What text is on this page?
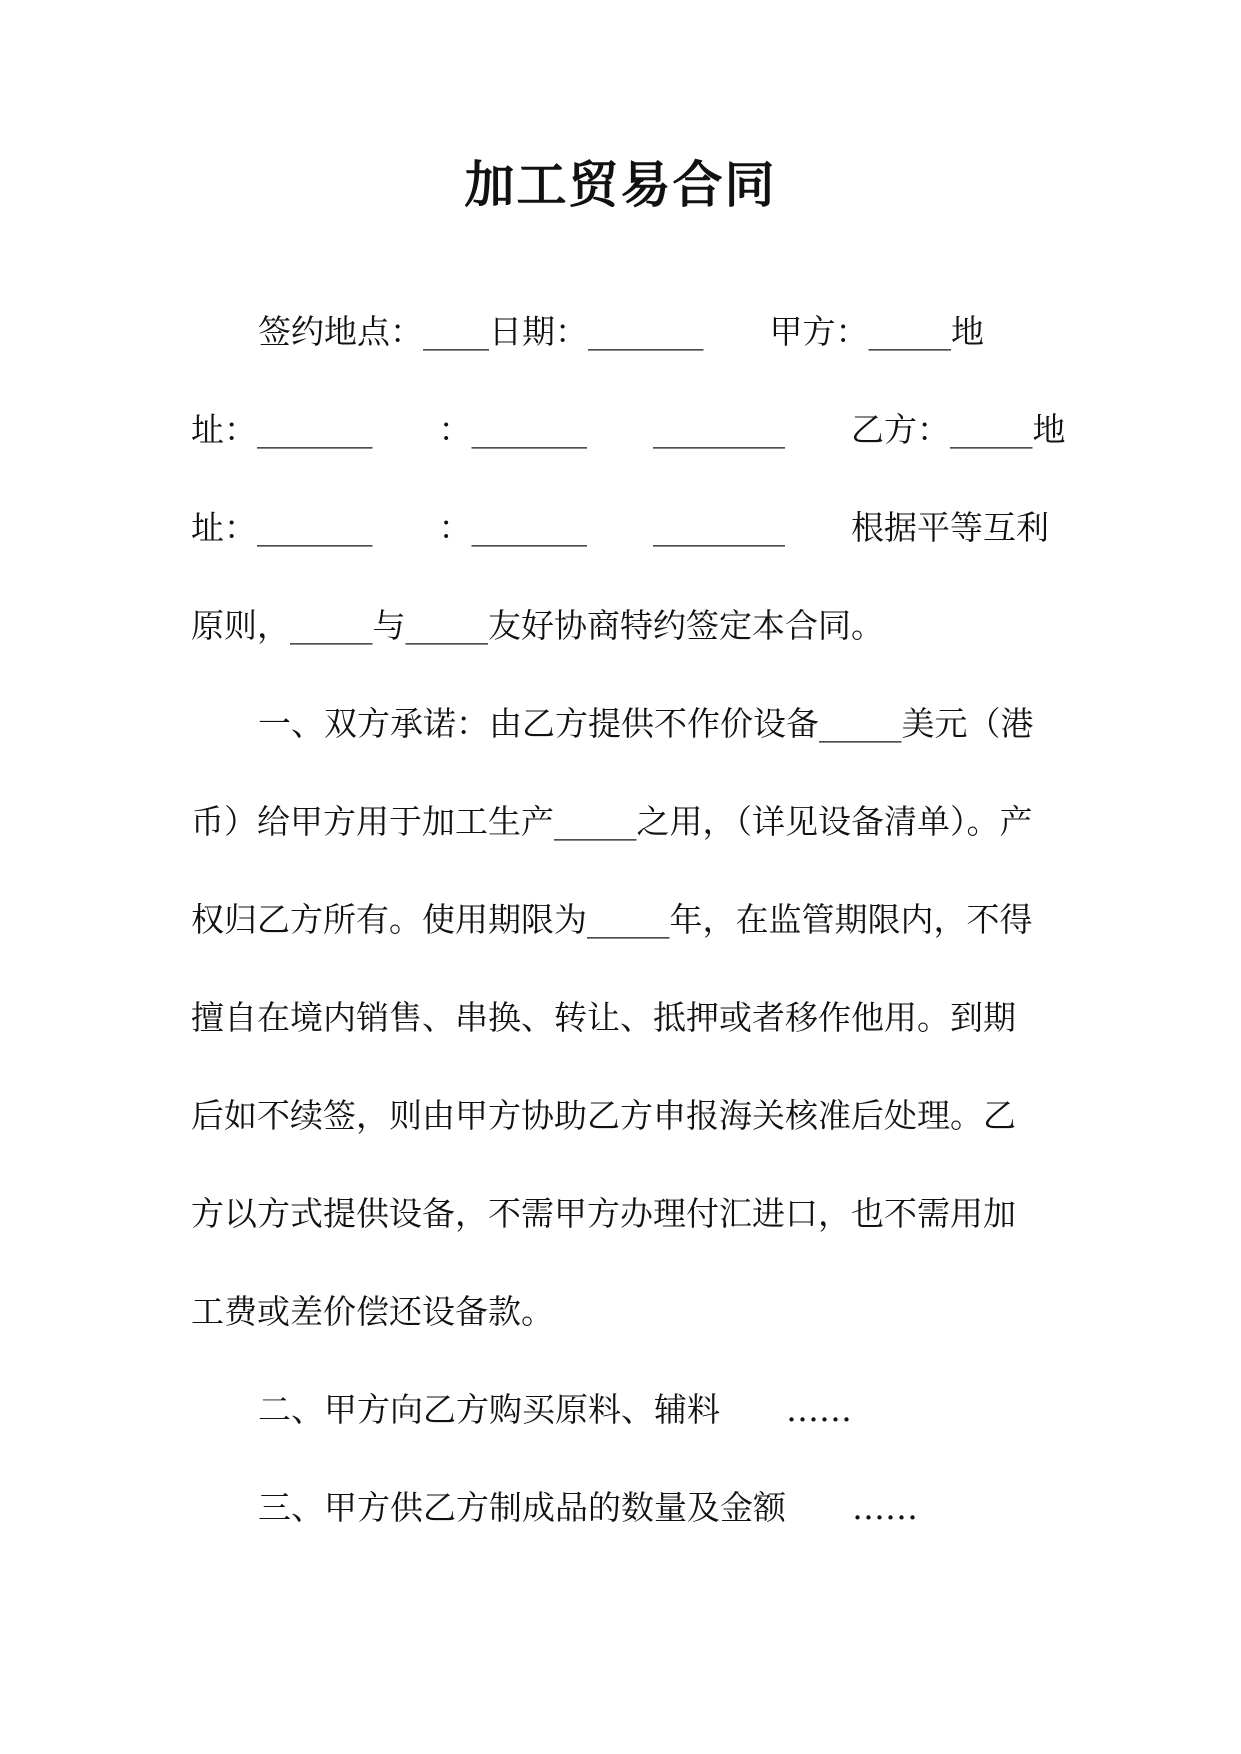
加工贸易合同
签约地点：____日期：_______　　甲方：_____地
址：_______　　：_______　　________　　乙方：_____地
址：_______　　：_______　　________　　根据平等互利
原则，_____与_____友好协商特约签定本合同。
一、双方承诺：由乙方提供不作价设备_____美元（港
币）给甲方用于加工生产_____之用，（详见设备清单）。产
权归乙方所有。使用期限为_____年，在监管期限内，不得
擅自在境内销售、串换、转让、抵押或者移作他用。到期
后如不续签，则由甲方协助乙方申报海关核准后处理。乙
方以方式提供设备，不需甲方办理付汇进口，也不需用加
工费或差价偿还设备款。
二、甲方向乙方购买原料、辅料　　……
三、甲方供乙方制成品的数量及金额　　……
